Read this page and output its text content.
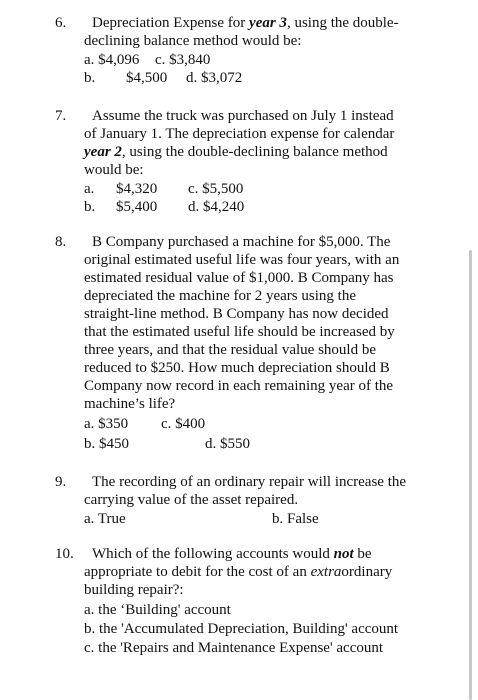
6. Depreciation Expense for year 3, using the double-
declining balance method would be:
a. $4,096 c. $3,840
b. $4,500 d. $3,072
7. Assume the truck was purchased on July 1 instead
of January 1. The depreciation expense for calendar
year 2, using the double-declining balance method
would be:
a. $4,320 c. $5,500
b. $5,400 d. $4,240
8. B Company purchased a machine for $5,000. The
original estimated useful life was four years, with an
estimated residual value of $1,000. B Company has
depreciated the machine for 2 years using the
straight-line method. B Company has now decided
that the estimated useful life should be increased by
three years, and that the residual value should be
reduced to $250. How much depreciation should B
Company now record in each remaining year of the
machine’s life?
a. $350 c. $400
b. $450	d. $550
9. The recording of an ordinary repair will increase the
carrying value of the asset repaired.
a. True	b. False
10. Which of the following accounts would not be
appropriate to debit for the cost of an extraordinary
building repair?:
a. the ‘Building' account
b. the 'Accumulated Depreciation, Building' account
c. the 'Repairs and Maintenance Expense' account
